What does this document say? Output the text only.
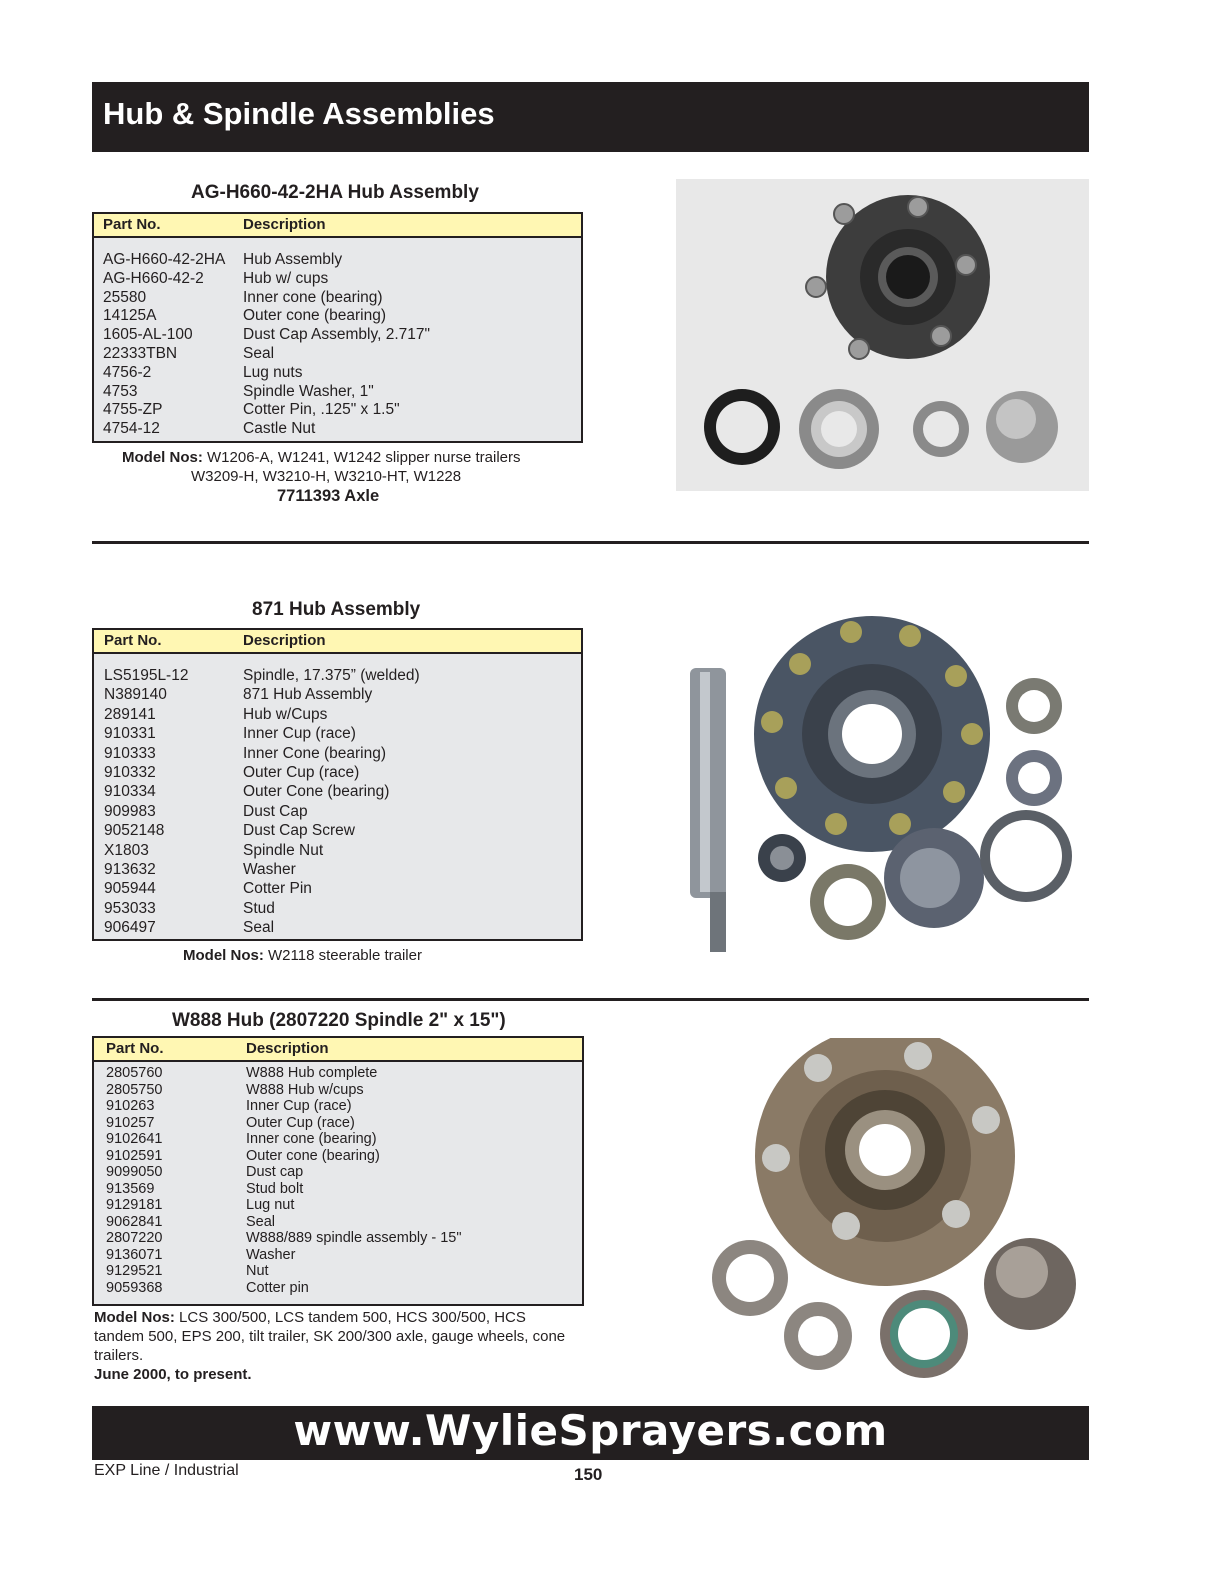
Hub & Spindle Assemblies
AG-H660-42-2HA Hub Assembly
Part No.	Description
AG-H660-42-2HA Hub Assembly
AG-H660-42-2	Hub w/ cups
25580	Inner cone (bearing)
14125A	Outer cone (bearing)
1605-AL-100	Dust Cap Assembly, 2.717"
22333TBN	Seal
4756-2	Lug nuts
4753	Spindle Washer, 1"
4755-ZP	Cotter Pin, .125" x 1.5"
4754-12	Castle Nut
Model Nos: W1206-A, W1241, W1242 slipper nurse trailers
W3209-H, W3210-H, W3210-HT, W1228
7711393 Axle
871 Hub Assembly
Part No.	Description
LS5195L-12	Spindle, 17.375” (welded)
N389140	871 Hub Assembly
289141	Hub w/Cups
910331	Inner Cup (race)
910333	Inner Cone (bearing)
910332	Outer Cup (race)
910334	Outer Cone (bearing)
909983	Dust Cap
9052148	Dust Cap Screw
X1803	Spindle Nut
913632	Washer
905944	Cotter Pin
953033	Stud
906497	Seal
Model Nos: W2118 steerable trailer
W888 Hub (2807220 Spindle 2" x 15")
Part No.	Description
2805760	W888 Hub complete
2805750	W888 Hub w/cups
910263	Inner Cup (race)
910257	Outer Cup (race)
9102641	Inner cone (bearing)
9102591	Outer cone (bearing)
9099050	Dust cap
913569	Stud bolt
9129181	Lug nut
9062841	Seal
2807220	W888/889 spindle assembly - 15"
9136071	Washer
9129521	Nut
9059368	Cotter pin
Model Nos: LCS 300/500, LCS tandem 500, HCS 300/500, HCS
tandem 500, EPS 200, tilt trailer, SK 200/300 axle, gauge wheels, cone
trailers.
June 2000, to present.
www.WylieSprayers.com
EXP Line / Industrial	150
